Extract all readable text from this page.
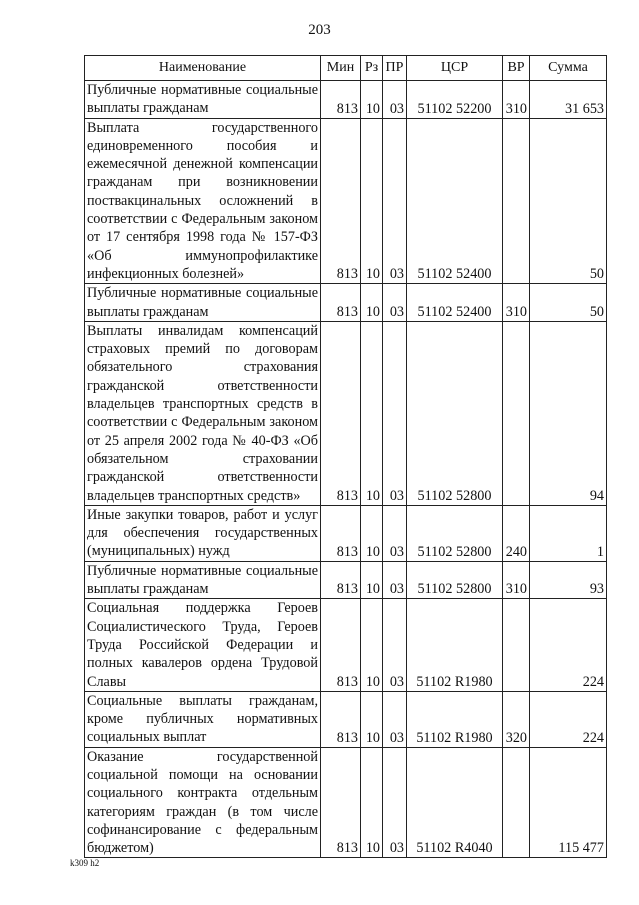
203
Наименование	Мин	Рз	ПР	ЦСР	ВР	Сумма
Публичные нормативные социальные выплаты гражданам	813	10	03	51102 52200	310	31 653
Выплата государственного единовременного пособия и ежемесячной денежной компенсации гражданам при возникновении поствакцинальных осложнений в соответствии с Федеральным законом от 17 сентября 1998 года № 157-ФЗ «Об иммунопрофилактике инфекционных болезней»	813	10	03	51102 52400		50
Публичные нормативные социальные выплаты гражданам	813	10	03	51102 52400	310	50
Выплаты инвалидам компенсаций страховых премий по договорам обязательного страхования гражданской ответственности владельцев транспортных средств в соответствии с Федеральным законом от 25 апреля 2002 года № 40-ФЗ «Об обязательном страховании гражданской ответственности владельцев транспортных средств»	813	10	03	51102 52800		94
Иные закупки товаров, работ и услуг для обеспечения государственных (муниципальных) нужд	813	10	03	51102 52800	240	1
Публичные нормативные социальные выплаты гражданам	813	10	03	51102 52800	310	93
Социальная поддержка Героев Социалистического Труда, Героев Труда Российской Федерации и полных кавалеров ордена Трудовой Славы	813	10	03	51102 R1980		224
Социальные выплаты гражданам, кроме публичных нормативных социальных выплат	813	10	03	51102 R1980	320	224
Оказание государственной социальной помощи на основании социального контракта отдельным категориям граждан (в том числе софинансирование с федеральным бюджетом)	813	10	03	51102 R4040		115 477
k309 h2
